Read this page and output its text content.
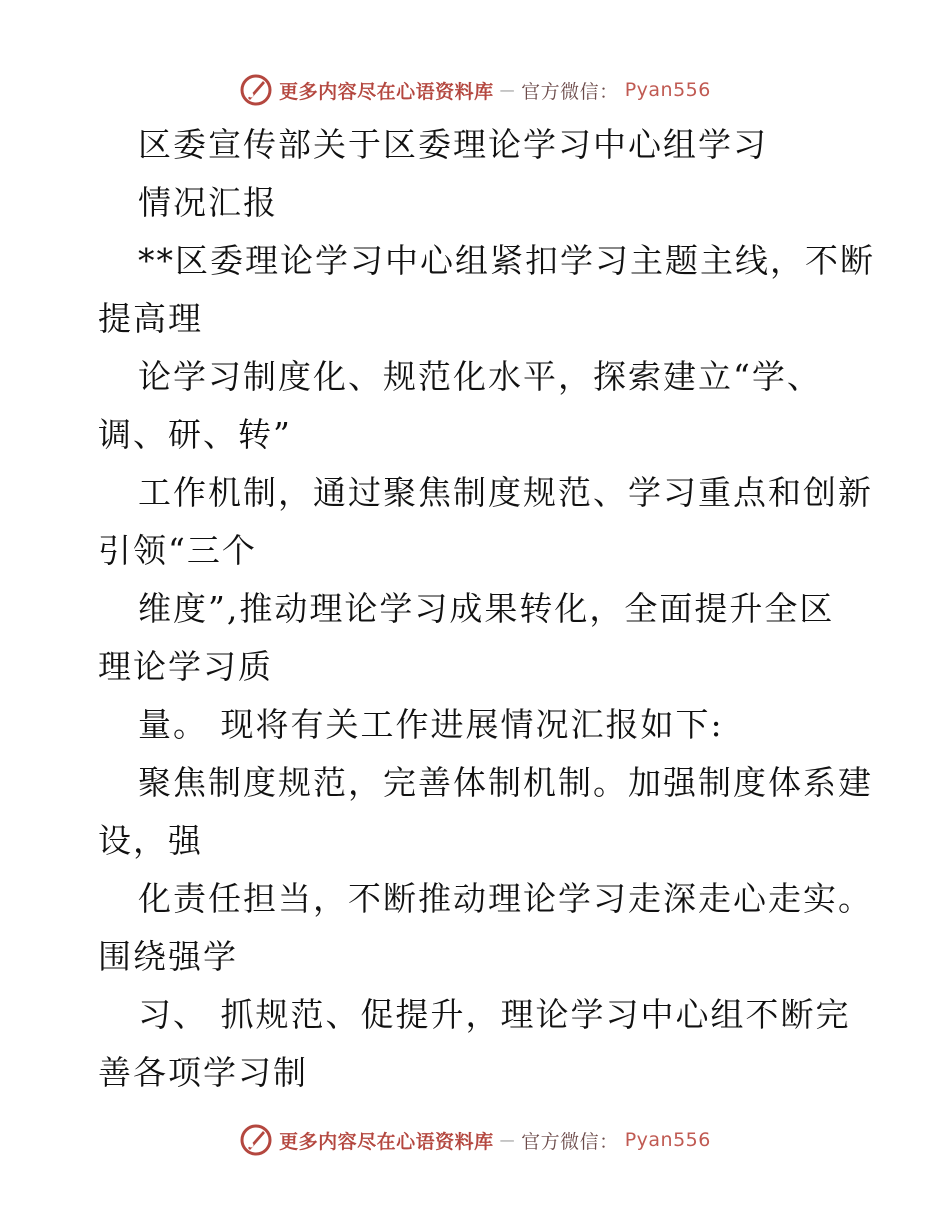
更多内容尽在心语资料库 — 官方微信： Pyan556
区委宣传部关于区委理论学习中心组学习
情况汇报
**区委理论学习中心组紧扣学习主题主线，不断
提高理
论学习制度化、规范化水平，探索建立“学、
调、研、转”
工作机制，通过聚焦制度规范、学习重点和创新
引领“三个
维度”,推动理论学习成果转化，全面提升全区
理论学习质
量。 现将有关工作进展情况汇报如下:
聚焦制度规范，完善体制机制。加强制度体系建
设，强
化责任担当，不断推动理论学习走深走心走实。
围绕强学
习、 抓规范、促提升，理论学习中心组不断完
善各项学习制
更多内容尽在心语资料库 — 官方微信： Pyan556
